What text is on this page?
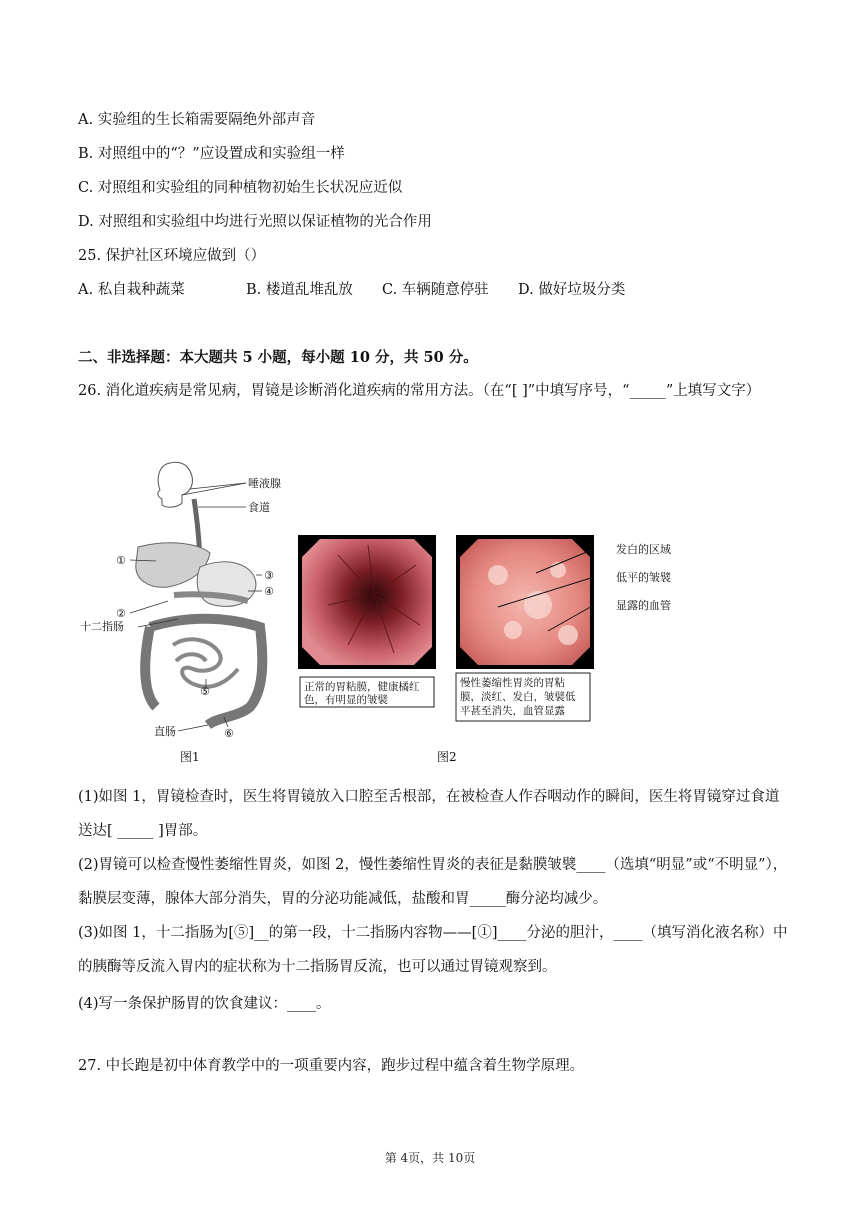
A. 实验组的生长箱需要隔绝外部声音
B. 对照组中的“？”应设置成和实验组一样
C. 对照组和实验组的同种植物初始生长状况应近似
D. 对照组和实验组中均进行光照以保证植物的光合作用
25. 保护社区环境应做到（）
A. 私自栽种蔬菜	B. 楼道乱堆乱放	C. 车辆随意停驻	D. 做好垃圾分类
二、非选择题：本大题共 5 小题，每小题 10 分，共 50 分。
26. 消化道疾病是常见病，胃镜是诊断消化道疾病的常用方法。（在“[ ]”中填写序号，“_____”上填写文字）
唾液腺
食道
①
③
④
②
十二指肠
⑤
⑥
直肠
发白的区域
低平的皱襞
显露的血管
正常的胃粘膜，健康橘红
色，有明显的皱襞
慢性萎缩性胃炎的胃粘
膜，淡红、发白，皱襞低
平甚至消失，血管显露
图1	图2
(1)如图 1，胃镜检查时，医生将胃镜放入口腔至舌根部，在被检查人作吞咽动作的瞬间，医生将胃镜穿过食道送达[ _____ ]胃部。
(2)胃镜可以检查慢性萎缩性胃炎，如图 2，慢性萎缩性胃炎的表征是黏膜皱襞____（选填“明显”或“不明显”），黏膜层变薄，腺体大部分消失，胃的分泌功能减低，盐酸和胃_____酶分泌均减少。
(3)如图 1，十二指肠为[⑤]__的第一段，十二指肠内容物——[①]____分泌的胆汁，____（填写消化液名称）中的胰酶等反流入胃内的症状称为十二指肠胃反流，也可以通过胃镜观察到。
(4)写一条保护肠胃的饮食建议：____。
27. 中长跑是初中体育教学中的一项重要内容，跑步过程中蕴含着生物学原理。
第 4页，共 10页
